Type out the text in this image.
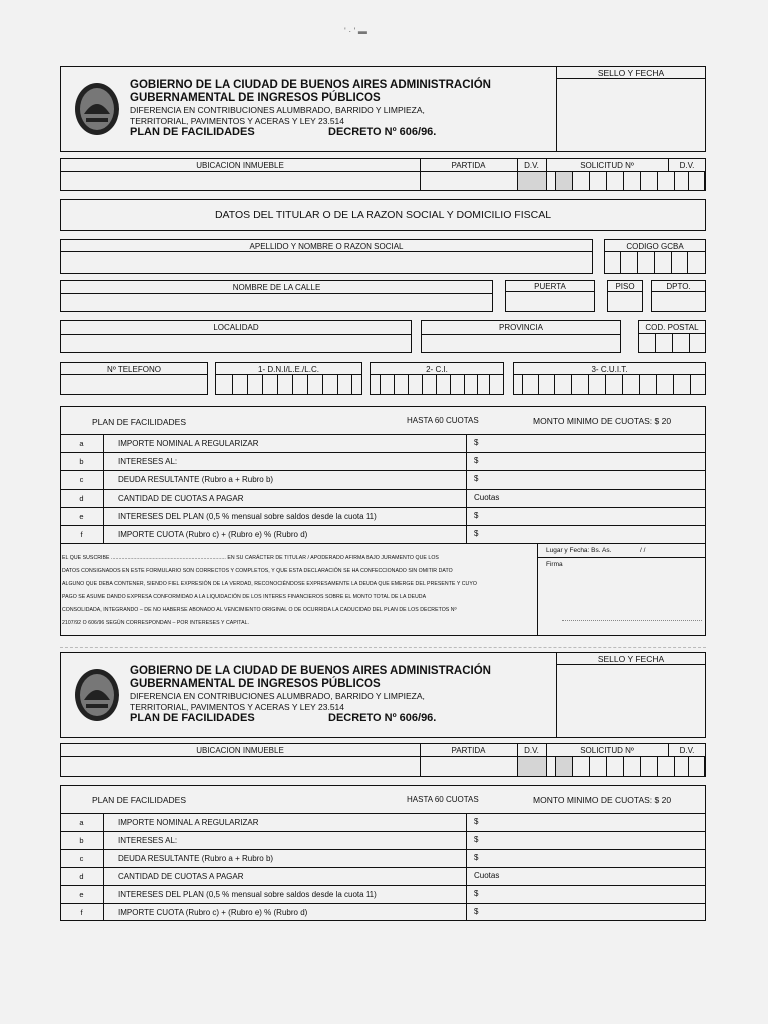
' · ' ▬
SELLO Y FECHA
GOBIERNO DE LA CIUDAD DE BUENOS AIRES ADMINISTRACIÓN
GUBERNAMENTAL DE INGRESOS PÚBLICOS
DIFERENCIA EN CONTRIBUCIONES ALUMBRADO, BARRIDO Y LIMPIEZA,
TERRITORIAL, PAVIMENTOS Y ACERAS Y LEY 23.514
PLAN DE FACILIDADES	DECRETO Nº 606/96.
UBICACION INMUEBLE	PARTIDA	D.V.	SOLICITUD Nº	D.V.
DATOS DEL TITULAR O DE LA RAZON SOCIAL Y DOMICILIO FISCAL
APELLIDO Y NOMBRE O RAZON SOCIAL	CODIGO GCBA
NOMBRE DE LA CALLE	PUERTA	PISO	DPTO.
LOCALIDAD	PROVINCIA	COD. POSTAL
Nº TELEFONO	1- D.N.I/L.E./L.C.	2- C.I.	3- C.U.I.T.
PLAN DE FACILIDADES	HASTA 60 CUOTAS	MONTO MINIMO DE CUOTAS: $ 20
a	IMPORTE NOMINAL A REGULARIZAR	$
b	INTERESES AL:	$
c	DEUDA RESULTANTE (Rubro a + Rubro b)	$
d	CANTIDAD DE CUOTAS A PAGAR	Cuotas
e	INTERESES DEL PLAN (0,5 % mensual sobre saldos desde la cuota 11)	$
f	IMPORTE CUOTA (Rubro c) + (Rubro e) % (Rubro d)	$
EL QUE SUSCRIBE ............................................................................. EN SU CARÁCTER DE TITULAR / APODERADO AFIRMA BAJO JURAMENTO QUE LOS
DATOS CONSIGNADOS EN ESTE FORMULARIO SON CORRECTOS Y COMPLETOS, Y QUE ESTA DECLARACIÓN SE HA CONFECCIONADO SIN OMITIR DATO
ALGUNO QUE DEBA CONTENER, SIENDO FIEL EXPRESIÓN DE LA VERDAD, RECONOCIÉNDOSE EXPRESAMENTE LA DEUDA QUE EMERGE DEL PRESENTE Y CUYO
PAGO SE ASUME DANDO EXPRESA CONFORMIDAD A LA LIQUIDACIÓN DE LOS INTERES FINANCIEROS SOBRE EL MONTO TOTAL DE LA DEUDA
CONSOLIDADA, INTEGRANDO – DE NO HABERSE ABONADO AL VENCIMIENTO ORIGINAL O DE OCURRIDA LA CADUCIDAD DEL PLAN DE LOS DECRETOS Nº
2107/92 O 606/96 SEGÚN CORRESPONDAN – POR INTERESES Y CAPITAL.
Lugar y Fecha: Bs. As.	/ /
Firma
SELLO Y FECHA
GOBIERNO DE LA CIUDAD DE BUENOS AIRES ADMINISTRACIÓN
GUBERNAMENTAL DE INGRESOS PÚBLICOS
DIFERENCIA EN CONTRIBUCIONES ALUMBRADO, BARRIDO Y LIMPIEZA,
TERRITORIAL, PAVIMENTOS Y ACERAS Y LEY 23.514
PLAN DE FACILIDADES	DECRETO Nº 606/96.
UBICACION INMUEBLE	PARTIDA	D.V.	SOLICITUD Nº	D.V.
PLAN DE FACILIDADES	HASTA 60 CUOTAS	MONTO MINIMO DE CUOTAS: $ 20
a	IMPORTE NOMINAL A REGULARIZAR	$
b	INTERESES AL:	$
c	DEUDA RESULTANTE (Rubro a + Rubro b)	$
d	CANTIDAD DE CUOTAS A PAGAR	Cuotas
e	INTERESES DEL PLAN (0,5 % mensual sobre saldos desde la cuota 11)	$
f	IMPORTE CUOTA (Rubro c) + (Rubro e) % (Rubro d)	$
